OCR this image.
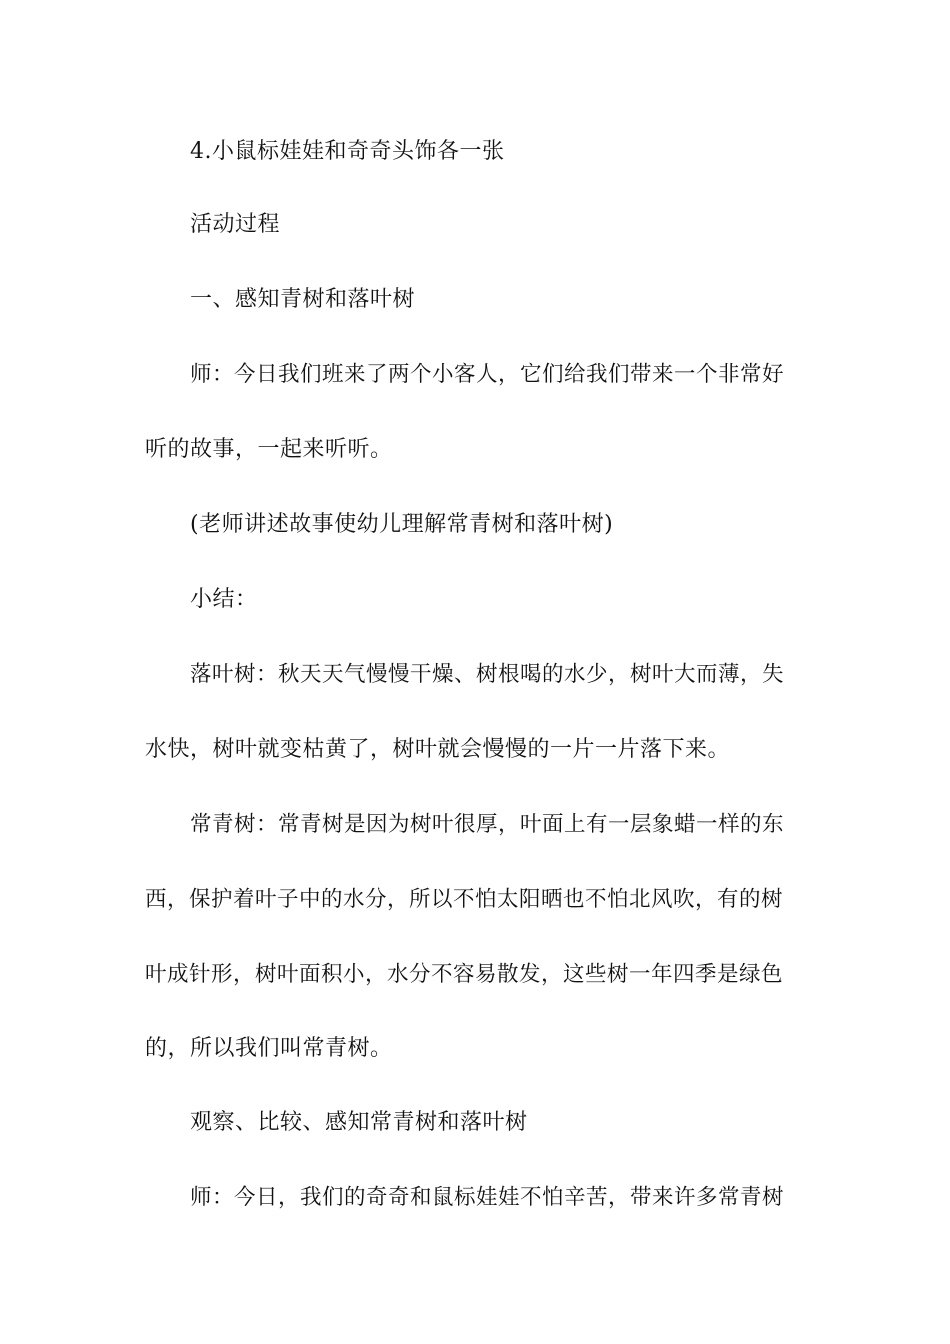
4.小鼠标娃娃和奇奇头饰各一张
活动过程
一、感知青树和落叶树
师：今日我们班来了两个小客人，它们给我们带来一个非常好
听的故事，一起来听听。
(老师讲述故事使幼儿理解常青树和落叶树)
小结：
落叶树：秋天天气慢慢干燥、树根喝的水少，树叶大而薄，失
水快，树叶就变枯黄了，树叶就会慢慢的一片一片落下来。
常青树：常青树是因为树叶很厚，叶面上有一层象蜡一样的东
西，保护着叶子中的水分，所以不怕太阳晒也不怕北风吹，有的树
叶成针形，树叶面积小，水分不容易散发，这些树一年四季是绿色
的，所以我们叫常青树。
观察、比较、感知常青树和落叶树
师：今日，我们的奇奇和鼠标娃娃不怕辛苦，带来许多常青树
